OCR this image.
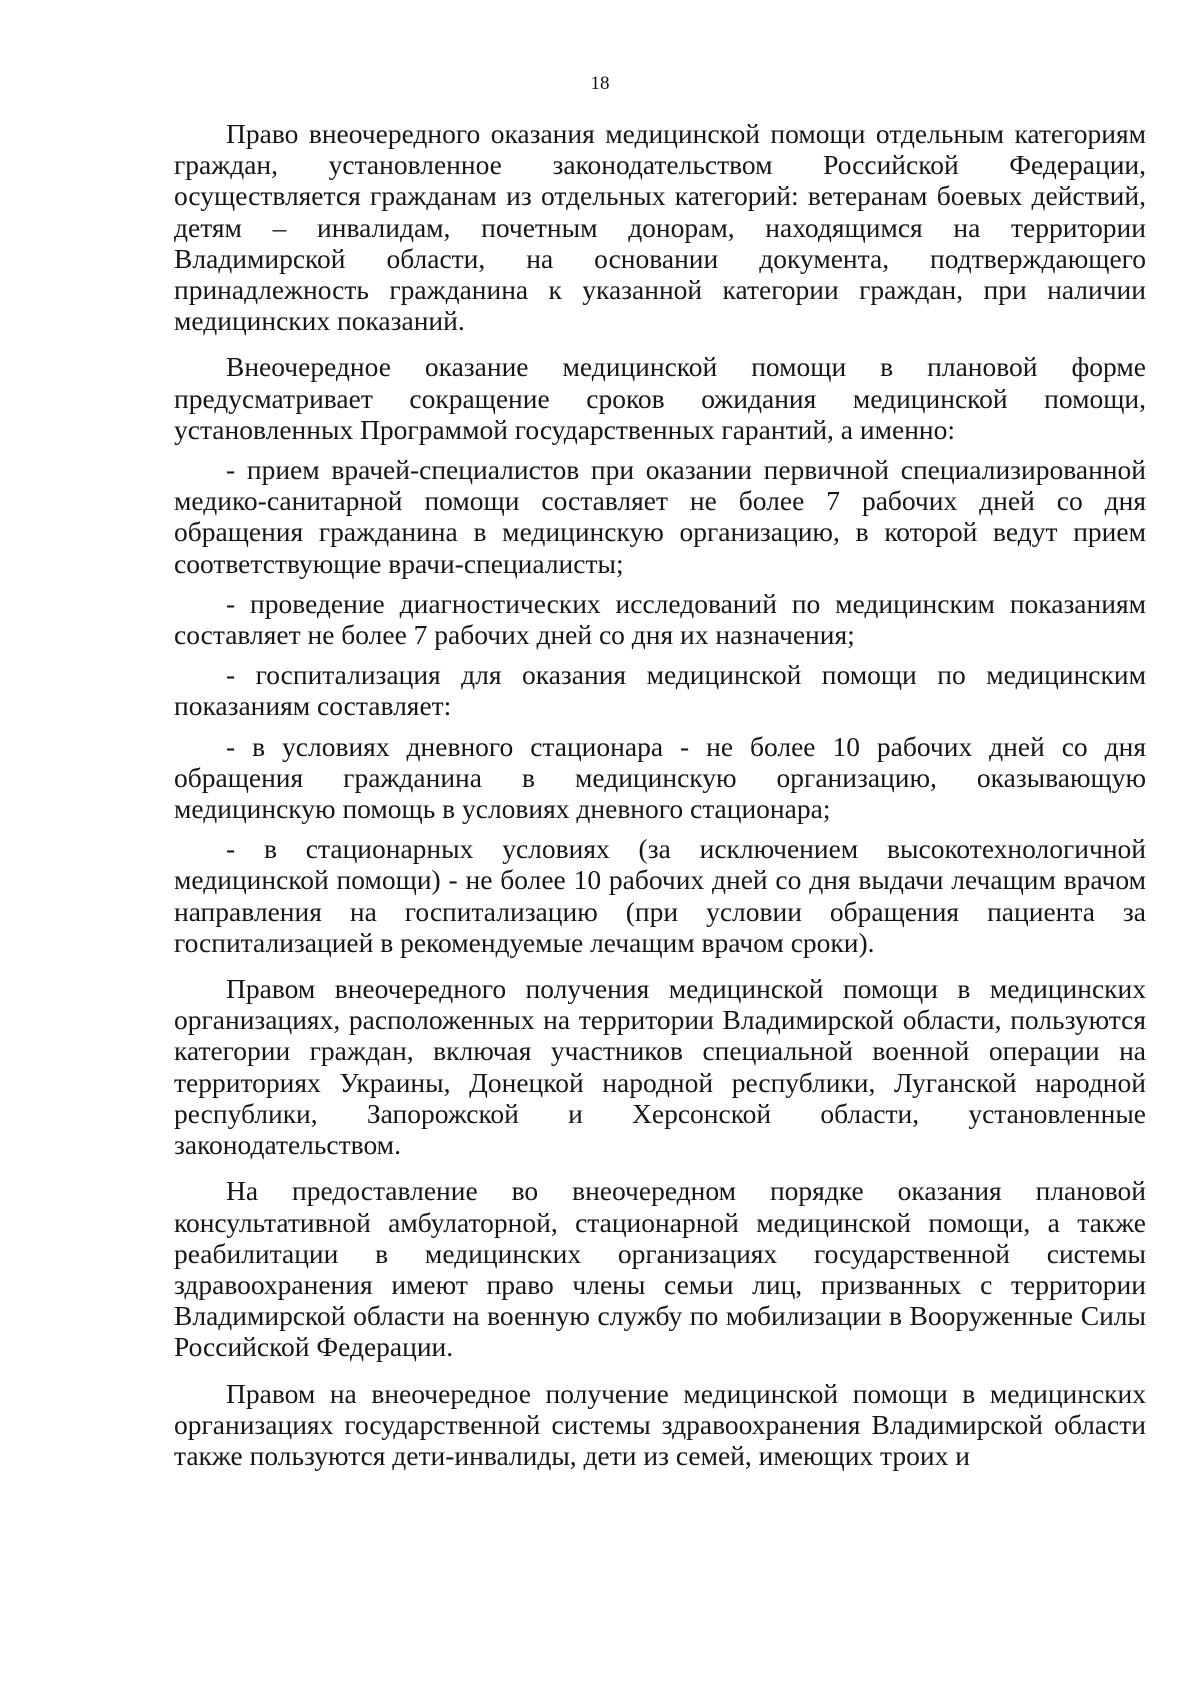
18

Право внеочередного оказания медицинской помощи отдельным категориям граждан, установленное законодательством Российской Федерации, осуществляется гражданам из отдельных категорий: ветеранам боевых действий, детям – инвалидам, почетным донорам, находящимся на территории Владимирской области, на основании документа, подтверждающего принадлежность гражданина к указанной категории граждан, при наличии медицинских показаний.

Внеочередное оказание медицинской помощи в плановой форме предусматривает сокращение сроков ожидания медицинской помощи, установленных Программой государственных гарантий, а именно:

- прием врачей-специалистов при оказании первичной специализированной медико-санитарной помощи составляет не более 7 рабочих дней со дня обращения гражданина в медицинскую организацию, в которой ведут прием соответствующие врачи-специалисты;

- проведение диагностических исследований по медицинским показаниям составляет не более 7 рабочих дней со дня их назначения;

- госпитализация для оказания медицинской помощи по медицинским показаниям составляет:

- в условиях дневного стационара - не более 10 рабочих дней со дня обращения гражданина в медицинскую организацию, оказывающую медицинскую помощь в условиях дневного стационара;

- в стационарных условиях (за исключением высокотехнологичной медицинской помощи) - не более 10 рабочих дней со дня выдачи лечащим врачом направления на госпитализацию (при условии обращения пациента за госпитализацией в рекомендуемые лечащим врачом сроки).

Правом внеочередного получения медицинской помощи в медицинских организациях, расположенных на территории Владимирской области, пользуются категории граждан, включая участников специальной военной операции на территориях Украины, Донецкой народной республики, Луганской народной республики, Запорожской и Херсонской области, установленные законодательством.

На предоставление во внеочередном порядке оказания плановой консультативной амбулаторной, стационарной медицинской помощи, а также реабилитации в медицинских организациях государственной системы здравоохранения имеют право члены семьи лиц, призванных с территории Владимирской области на военную службу по мобилизации в Вооруженные Силы Российской Федерации.

Правом на внеочередное получение медицинской помощи в медицинских организациях государственной системы здравоохранения Владимирской области также пользуются дети-инвалиды, дети из семей, имеющих троих и
